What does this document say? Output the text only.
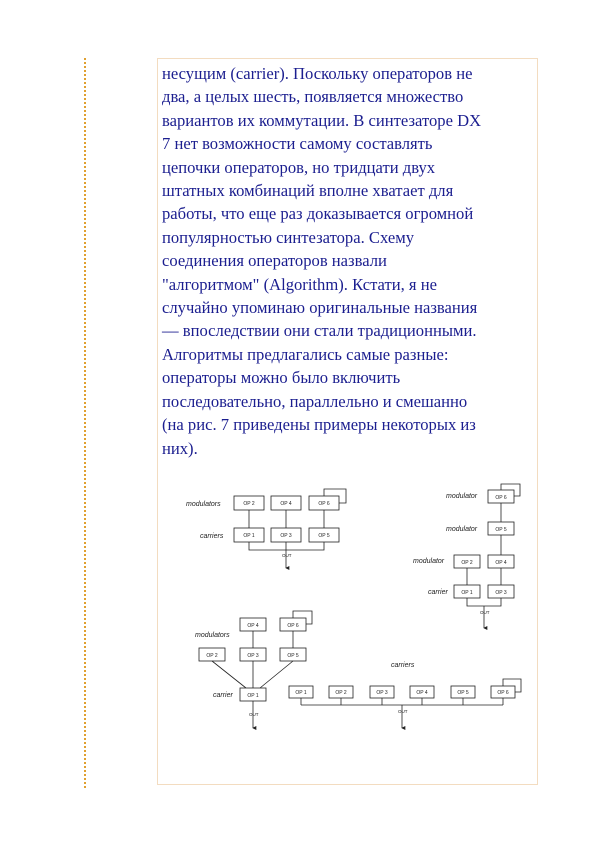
несущим (carrier). Поскольку операторов не
два, а целых шесть, появляется множество
вариантов их коммутации. В синтезаторе DX
7 нет возможности самому составлять
цепочки операторов, но тридцати двух
штатных комбинаций вполне хватает для
работы, что еще раз доказывается огромной
популярностью синтезатора. Схему
соединения операторов назвали
"алгоритмом" (Algorithm). Кстати, я не
случайно упоминаю оригинальные названия
— впоследствии они стали традиционными.
Алгоритмы предлагались самые разные:
операторы можно было включить
последовательно, параллельно и смешанно
(на рис. 7 приведены примеры некоторых из
них).
modulators
carriers
OP 2	OP 4	OP 6
OP 1	OP 3	OP 5
OUT
modulator
modulator
modulator
carrier
OP 6
OP 5
OP 2	OP 4
OP 1	OP 3
OUT
modulators
carrier
OP 4	OP 6
OP 2	OP 3	OP 5
OP 1
OUT
carriers
OP 1	OP 2	OP 3	OP 4	OP 5	OP 6
OUT
